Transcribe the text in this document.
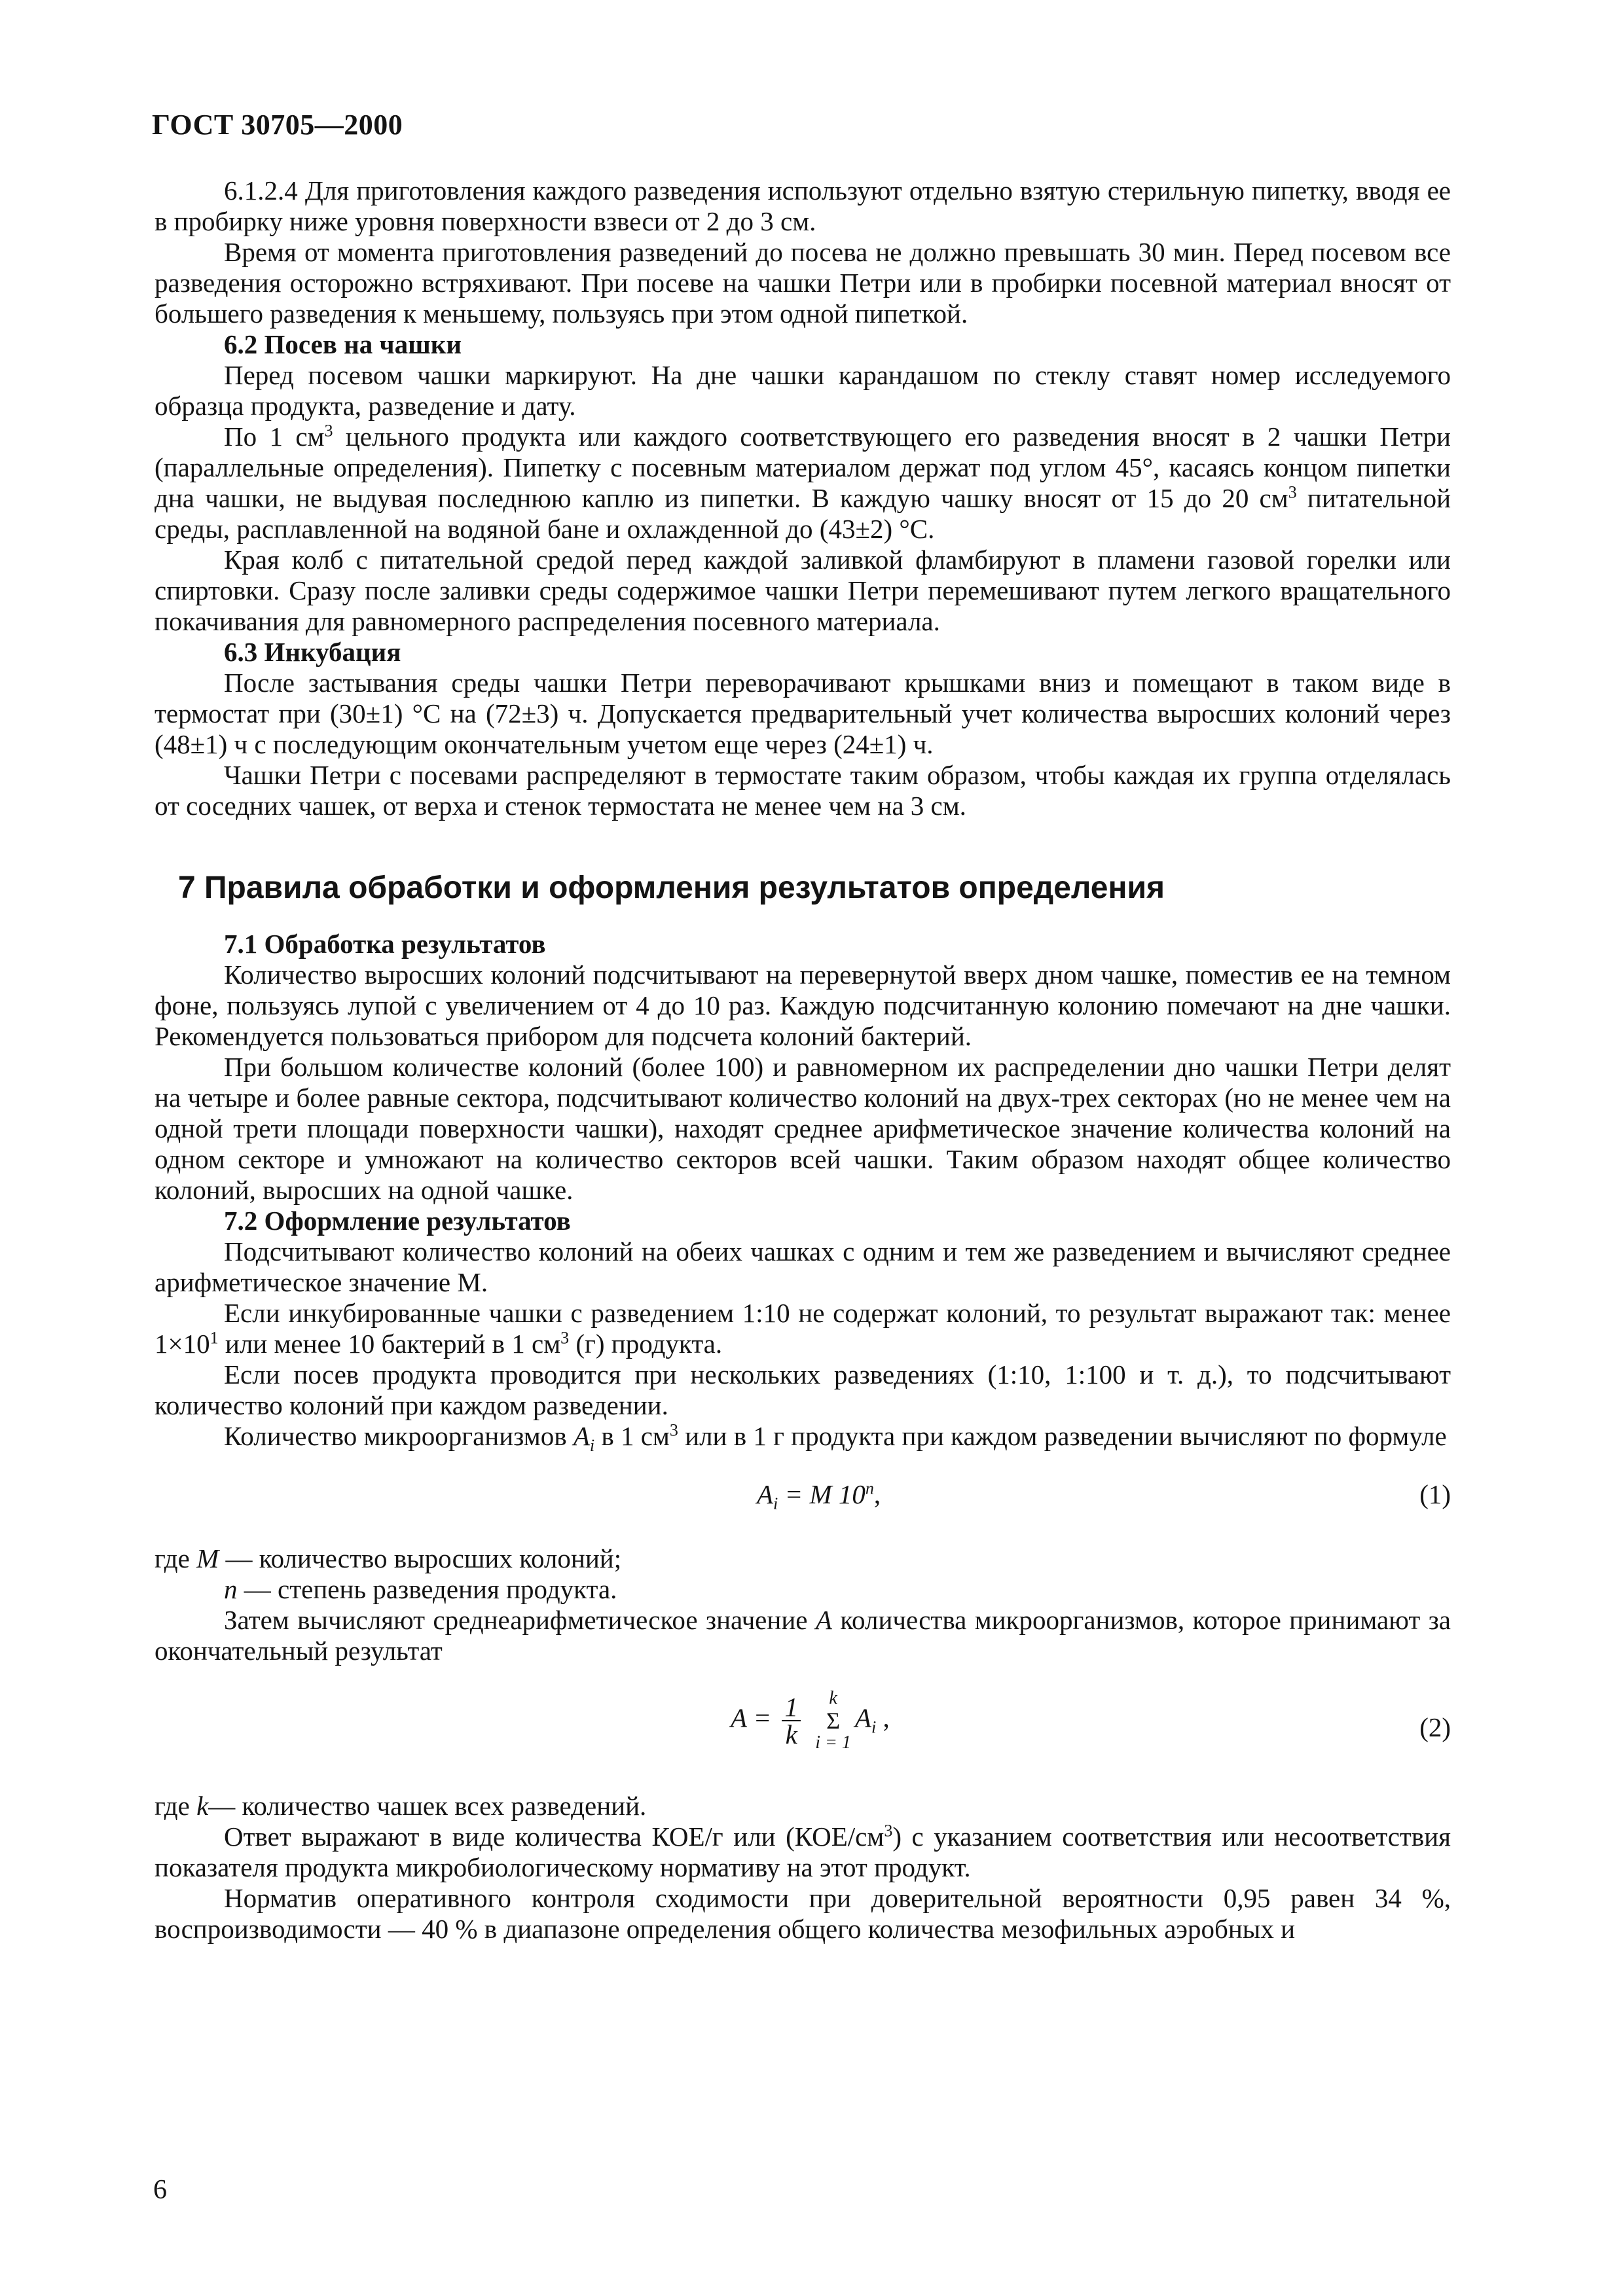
ГОСТ 30705—2000

6.1.2.4 Для приготовления каждого разведения используют отдельно взятую стерильную пипетку, вводя ее в пробирку ниже уровня поверхности взвеси от 2 до 3 см.

Время от момента приготовления разведений до посева не должно превышать 30 мин. Перед посевом все разведения осторожно встряхивают. При посеве на чашки Петри или в пробирки посевной материал вносят от большего разведения к меньшему, пользуясь при этом одной пипеткой.

6.2 Посев на чашки

Перед посевом чашки маркируют. На дне чашки карандашом по стеклу ставят номер исследуемого образца продукта, разведение и дату.

По 1 $см^3$ цельного продукта или каждого соответствующего его разведения вносят в 2 чашки Петри (параллельные определения). Пипетку с посевным материалом держат под углом 45°, касаясь концом пипетки дна чашки, не выдувая последнюю каплю из пипетки. В каждую чашку вносят от 15 до 20 $см^3$ питательной среды, расплавленной на водяной бане и охлажденной до (43±2) °С.

Края колб с питательной средой перед каждой заливкой фламбируют в пламени газовой горелки или спиртовки. Сразу после заливки среды содержимое чашки Петри перемешивают путем легкого вращательного покачивания для равномерного распределения посевного материала.

6.3 Инкубация

После застывания среды чашки Петри переворачивают крышками вниз и помещают в таком виде в термостат при (30±1) °С на (72±3) ч. Допускается предварительный учет количества выросших колоний через (48±1) ч с последующим окончательным учетом еще через (24±1) ч.

Чашки Петри с посевами распределяют в термостате таким образом, чтобы каждая их группа отделялась от соседних чашек, от верха и стенок термостата не менее чем на 3 см.

7 Правила обработки и оформления результатов определения
7.1 Обработка результатов

Количество выросших колоний подсчитывают на перевернутой вверх дном чашке, поместив ее на темном фоне, пользуясь лупой с увеличением от 4 до 10 раз. Каждую подсчитанную колонию помечают на дне чашки. Рекомендуется пользоваться прибором для подсчета колоний бактерий.

При большом количестве колоний (более 100) и равномерном их распределении дно чашки Петри делят на четыре и более равные сектора, подсчитывают количество колоний на двух-трех секторах (но не менее чем на одной трети площади поверхности чашки), находят среднее арифметическое значение количества колоний на одном секторе и умножают на количество секторов всей чашки. Таким образом находят общее количество колоний, выросших на одной чашке.

7.2 Оформление результатов

Подсчитывают количество колоний на обеих чашках с одним и тем же разведением и вычисляют среднее арифметическое значение М.

Если инкубированные чашки с разведением 1:10 не содержат колоний, то результат выражают так: менее $1\times 10^1$ или менее 10 бактерий в 1 $см^3$ (г) продукта.

Если посев продукта проводится при нескольких разведениях (1:10, 1:100 и т. д.), то подсчитывают количество колоний при каждом разведении.

Количество микроорганизмов $A_i$ в 1 $см^3$ или в 1 г продукта при каждом разведении вычисляют по формуле

$A_i = M$ 10$^n$,	(1)

где M — количество выросших колоний;

n — степень разведения продукта.

Затем вычисляют среднеарифметическое значение A количества микроорганизмов, которое принимают за окончательный результат

$A = \frac{1}{k}$
	k
Σ
i = 1
$A_i$ ,	(2)

где k— количество чашек всех разведений.

Ответ выражают в виде количества КОЕ/г или $(КОЕ/см^3)$ с указанием соответствия или несоответствия показателя продукта микробиологическому нормативу на этот продукт.

Норматив оперативного контроля сходимости при доверительной вероятности 0,95 равен 34 %, воспроизводимости — 40 % в диапазоне определения общего количества мезофильных аэробных и

6
